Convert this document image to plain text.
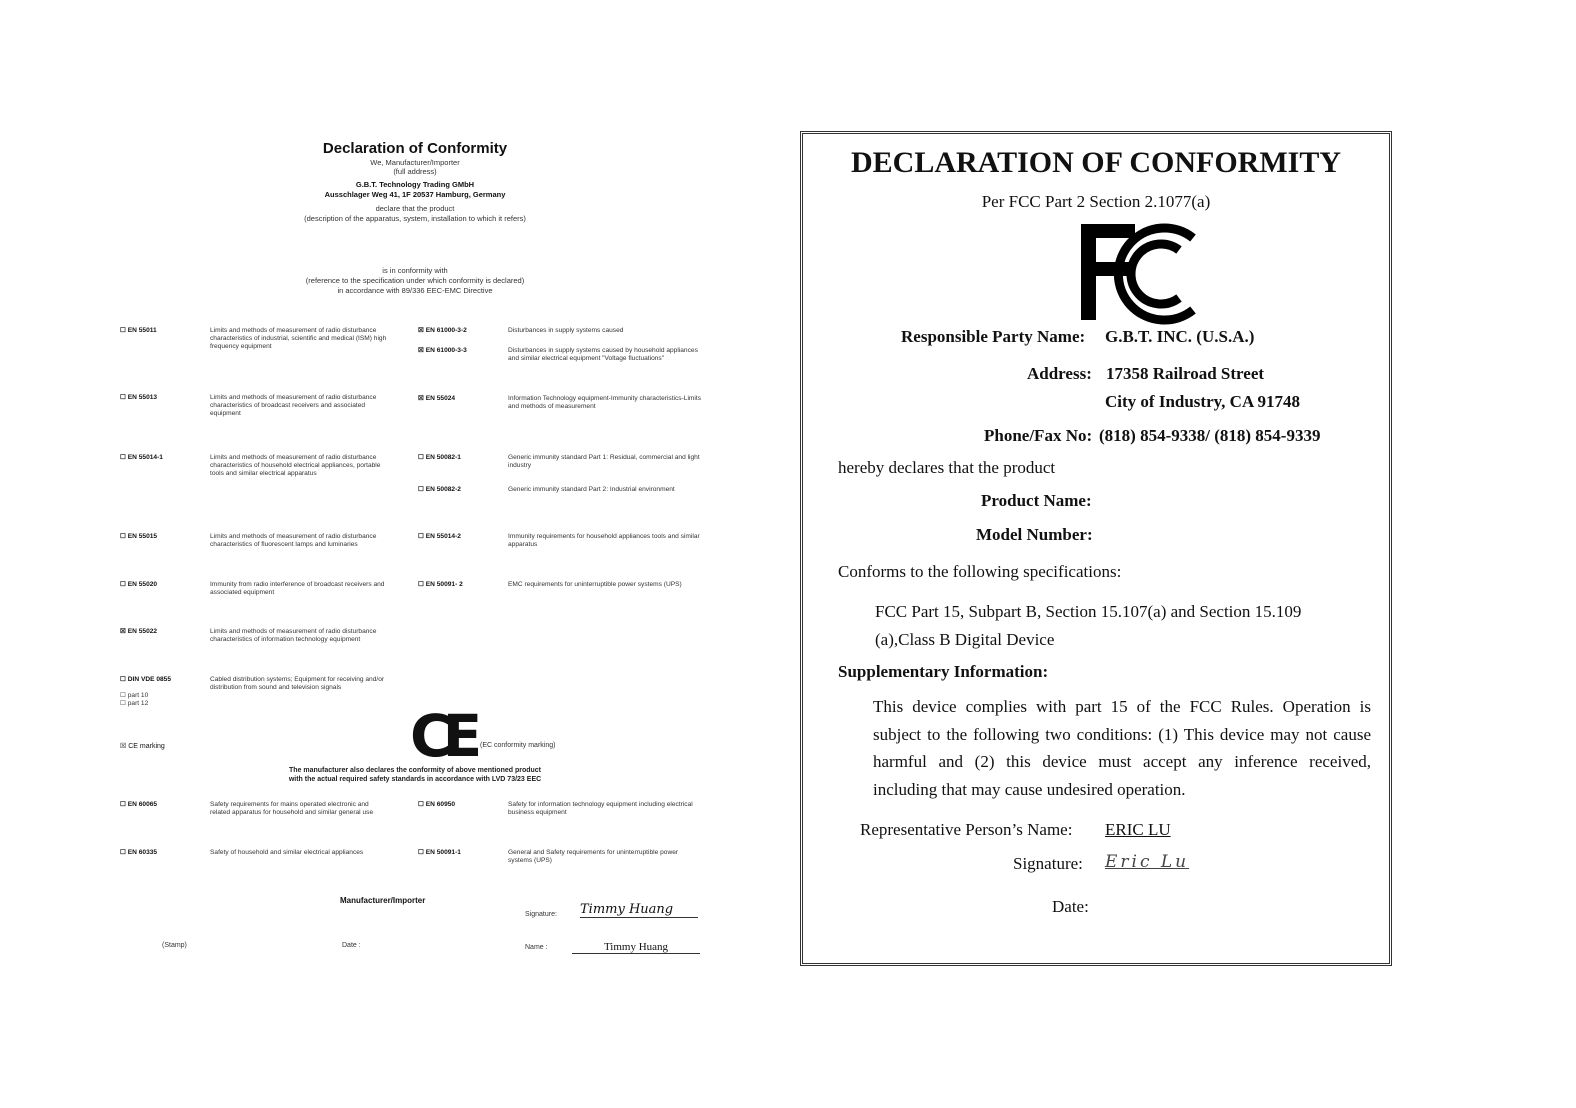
Declaration of Conformity
We, Manufacturer/Importer
(full address)
G.B.T. Technology Trading GMbH
Ausschlager Weg 41, 1F 20537 Hamburg, Germany
declare that the product
(description of the apparatus, system, installation to which it refers)
is in conformity with
(reference to the specification under which conformity is declared)
in accordance with 89/336 EEC-EMC Directive
☐ EN 55011	Limits and methods of measurement of radio disturbance characteristics of industrial, scientific and medical (ISM) high frequency equipment
☐ EN 55013	Limits and methods of measurement of radio disturbance characteristics of broadcast receivers and associated equipment
☐ EN 55014-1	Limits and methods of measurement of radio disturbance characteristics of household electrical appliances, portable tools and similar electrical apparatus
☐ EN 55015	Limits and methods of measurement of radio disturbance characteristics of fluorescent lamps and luminaries
☐ EN 55020	Immunity from radio interference of broadcast receivers and associated equipment
☒ EN 55022	Limits and methods of measurement of radio disturbance characteristics of information technology equipment
☐ DIN VDE 0855	Cabled distribution systems; Equipment for receiving and/or distribution from sound and television signals
☒ EN 61000-3-2	Disturbances in supply systems caused
☒ EN 61000-3-3	Disturbances in supply systems caused by household appliances and similar electrical equipment "Voltage fluctuations"
☒ EN 55024	Information Technology equipment-Immunity characteristics-Limits and methods of measurement
☐ EN 50082-1	Generic immunity standard Part 1: Residual, commercial and light industry
☐ EN 50082-2	Generic immunity standard Part 2: Industrial environment
☐ EN 55014-2	Immunity requirements for household appliances tools and similar apparatus
☐ EN 50091- 2	EMC requirements for uninterruptible power systems (UPS)
☐ part 10
☐ part 12
☒ CE marking	CE (EC conformity marking)
The manufacturer also declares the conformity of above mentioned product
with the actual required safety standards in accordance with LVD 73/23 EEC
☐ EN 60065	Safety requirements for mains operated electronic and related apparatus for household and similar general use
☐ EN 60335	Safety of household and similar electrical appliances
☐ EN 60950	Safety for information technology equipment including electrical business equipment
☐ EN 50091-1	General and Safety requirements for uninterruptible power systems (UPS)
Manufacturer/Importer
Signature: Timmy Huang
(Stamp)	Date :	Name :	Timmy Huang
DECLARATION OF CONFORMITY
Per FCC Part 2 Section 2.1077(a)
Responsible Party Name: G.B.T. INC. (U.S.A.)
Address: 17358 Railroad Street
City of Industry, CA 91748
Phone/Fax No: (818) 854-9338/ (818) 854-9339
hereby declares that the product
Product Name:
Model Number:
Conforms to the following specifications:
FCC Part 15, Subpart B, Section 15.107(a) and Section 15.109 (a),Class B Digital Device
Supplementary Information:
This device complies with part 15 of the FCC Rules. Operation is subject to the following two conditions: (1) This device may not cause harmful and (2) this device must accept any inference received, including that may cause undesired operation.
Representative Person’s Name: ERIC LU
Signature: Eric Lu
Date:
